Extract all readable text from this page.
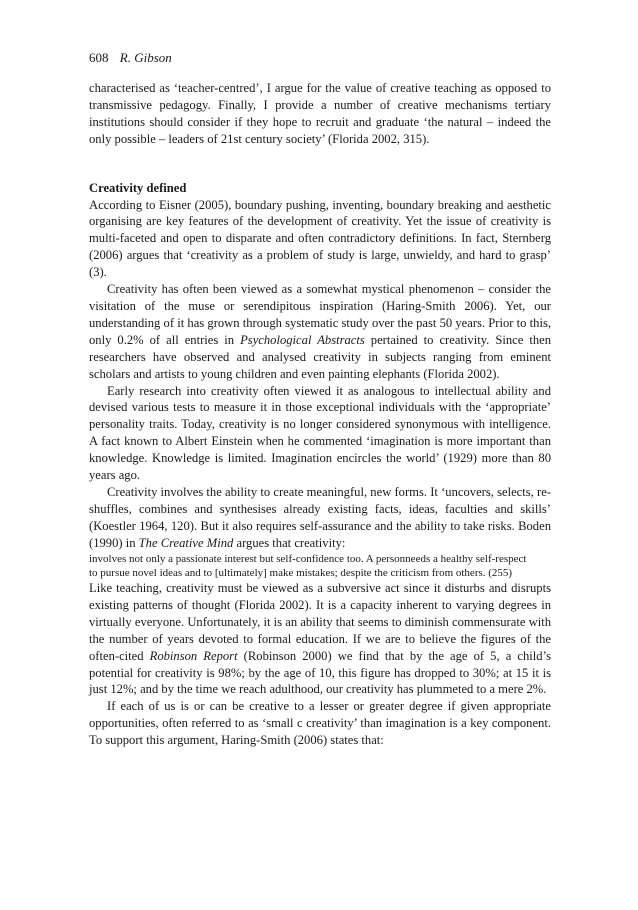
608 R. Gibson

characterised as ‘teacher-centred’, I argue for the value of creative teaching as opposed to transmissive pedagogy. Finally, I provide a number of creative mechanisms tertiary institutions should consider if they hope to recruit and graduate ‘the natural – indeed the only possible – leaders of 21st century society’ (Florida 2002, 315).

Creativity defined

According to Eisner (2005), boundary pushing, inventing, boundary breaking and aesthetic organising are key features of the development of creativity. Yet the issue of creativity is multi-faceted and open to disparate and often contradictory definitions. In fact, Sternberg (2006) argues that ‘creativity as a problem of study is large, unwieldy, and hard to grasp’ (3).

Creativity has often been viewed as a somewhat mystical phenomenon – consider the visitation of the muse or serendipitous inspiration (Haring-Smith 2006). Yet, our understanding of it has grown through systematic study over the past 50 years. Prior to this, only 0.2% of all entries in Psychological Abstracts pertained to creativity. Since then researchers have observed and analysed creativity in subjects ranging from eminent scholars and artists to young children and even painting elephants (Florida 2002).

Early research into creativity often viewed it as analogous to intellectual ability and devised various tests to measure it in those exceptional individuals with the ‘appropriate’ personality traits. Today, creativity is no longer considered synonymous with intelligence. A fact known to Albert Einstein when he commented ‘imagination is more important than knowledge. Knowledge is limited. Imagination encircles the world’ (1929) more than 80 years ago.

Creativity involves the ability to create meaningful, new forms. It ‘uncovers, selects, re-shuffles, combines and synthesises already existing facts, ideas, faculties and skills’ (Koestler 1964, 120). But it also requires self-assurance and the ability to take risks. Boden (1990) in The Creative Mind argues that creativity:

involves not only a passionate interest but self-confidence too. A personneeds a healthy self-respect to pursue novel ideas and to [ultimately] make mistakes; despite the criticism from others. (255)

Like teaching, creativity must be viewed as a subversive act since it disturbs and disrupts existing patterns of thought (Florida 2002). It is a capacity inherent to varying degrees in virtually everyone. Unfortunately, it is an ability that seems to diminish commensurate with the number of years devoted to formal education. If we are to believe the figures of the often-cited Robinson Report (Robinson 2000) we find that by the age of 5, a child’s potential for creativity is 98%; by the age of 10, this figure has dropped to 30%; at 15 it is just 12%; and by the time we reach adulthood, our creativity has plummeted to a mere 2%.

If each of us is or can be creative to a lesser or greater degree if given appropriate opportunities, often referred to as ‘small c creativity’ than imagination is a key component. To support this argument, Haring-Smith (2006) states that:
